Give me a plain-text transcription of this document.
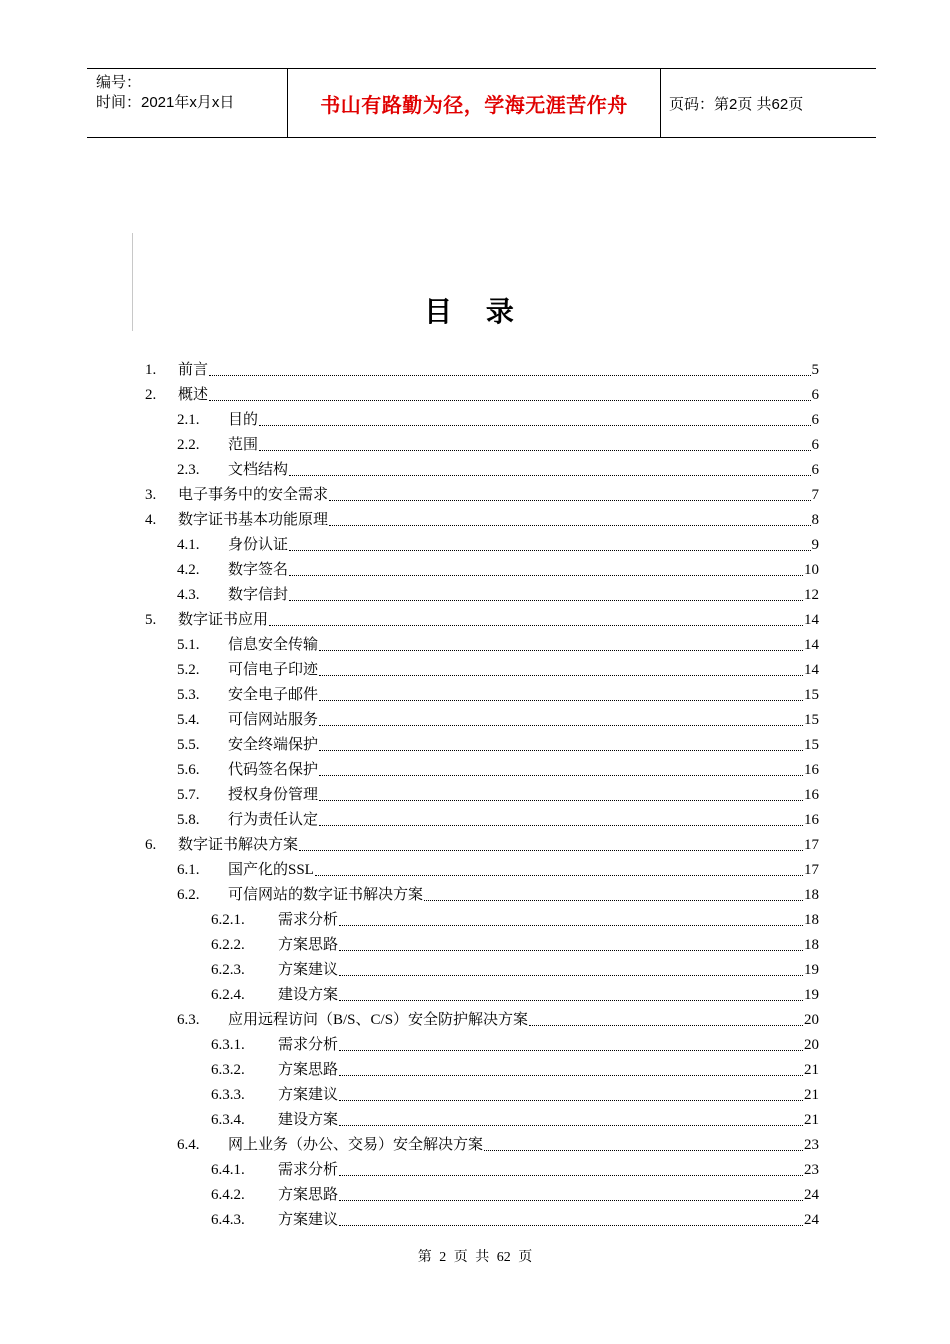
编号：
时间：2021年x月x日	书山有路勤为径，学海无涯苦作舟	页码：第2页 共62页
目 录
1.	前言	5
2.	概述	6
2.1.	目的	6
2.2.	范围	6
2.3.	文档结构	6
3.	电子事务中的安全需求	7
4.	数字证书基本功能原理	8
4.1.	身份认证	9
4.2.	数字签名	10
4.3.	数字信封	12
5.	数字证书应用	14
5.1.	信息安全传输	14
5.2.	可信电子印迹	14
5.3.	安全电子邮件	15
5.4.	可信网站服务	15
5.5.	安全终端保护	15
5.6.	代码签名保护	16
5.7.	授权身份管理	16
5.8.	行为责任认定	16
6.	数字证书解决方案	17
6.1.	国产化的SSL	17
6.2.	可信网站的数字证书解决方案	18
6.2.1.	需求分析	18
6.2.2.	方案思路	18
6.2.3.	方案建议	19
6.2.4.	建设方案	19
6.3.	应用远程访问（B/S、C/S）安全防护解决方案	20
6.3.1.	需求分析	20
6.3.2.	方案思路	21
6.3.3.	方案建议	21
6.3.4.	建设方案	21
6.4.	网上业务（办公、交易）安全解决方案	23
6.4.1.	需求分析	23
6.4.2.	方案思路	24
6.4.3.	方案建议	24
第 2 页 共 62 页
